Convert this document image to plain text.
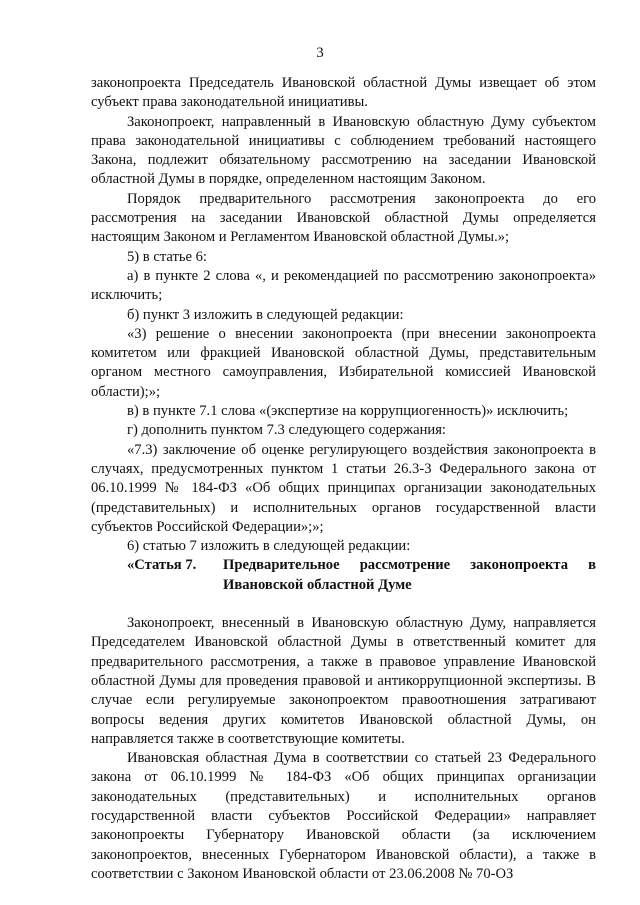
3

законопроекта Председатель Ивановской областной Думы извещает об этом субъект права законодательной инициативы.

Законопроект, направленный в Ивановскую областную Думу субъектом права законодательной инициативы с соблюдением требований настоящего Закона, подлежит обязательному рассмотрению на заседании Ивановской областной Думы в порядке, определенном настоящим Законом.

Порядок предварительного рассмотрения законопроекта до его рассмотрения на заседании Ивановской областной Думы определяется настоящим Законом и Регламентом Ивановской областной Думы.»;

5) в статье 6:

а) в пункте 2 слова «, и рекомендацией по рассмотрению законопроекта» исключить;

б) пункт 3 изложить в следующей редакции:

«3) решение о внесении законопроекта (при внесении законопроекта комитетом или фракцией Ивановской областной Думы, представительным органом местного самоуправления, Избирательной комиссией Ивановской области);»;

в) в пункте 7.1 слова «(экспертизе на коррупциогенность)» исключить;

г) дополнить пунктом 7.3 следующего содержания:

«7.3) заключение об оценке регулирующего воздействия законопроекта в случаях, предусмотренных пунктом 1 статьи 26.3-3 Федерального закона от 06.10.1999 № 184-ФЗ «Об общих принципах организации законодательных (представительных) и исполнительных органов государственной власти субъектов Российской Федерации»;»;

6) статью 7 изложить в следующей редакции:

«Статья 7.	Предварительное рассмотрение законопроекта в Ивановской областной Думе

Законопроект, внесенный в Ивановскую областную Думу, направляется Председателем Ивановской областной Думы в ответственный комитет для предварительного рассмотрения, а также в правовое управление Ивановской областной Думы для проведения правовой и антикоррупционной экспертизы. В случае если регулируемые законопроектом правоотношения затрагивают вопросы ведения других комитетов Ивановской областной Думы, он направляется также в соответствующие комитеты.

Ивановская областная Дума в соответствии со статьей 23 Федерального закона от 06.10.1999 № 184-ФЗ «Об общих принципах организации законодательных (представительных) и исполнительных органов государственной власти субъектов Российской Федерации» направляет законопроекты Губернатору Ивановской области (за исключением законопроектов, внесенных Губернатором Ивановской области), а также в соответствии с Законом Ивановской области от 23.06.2008 № 70-ОЗ
